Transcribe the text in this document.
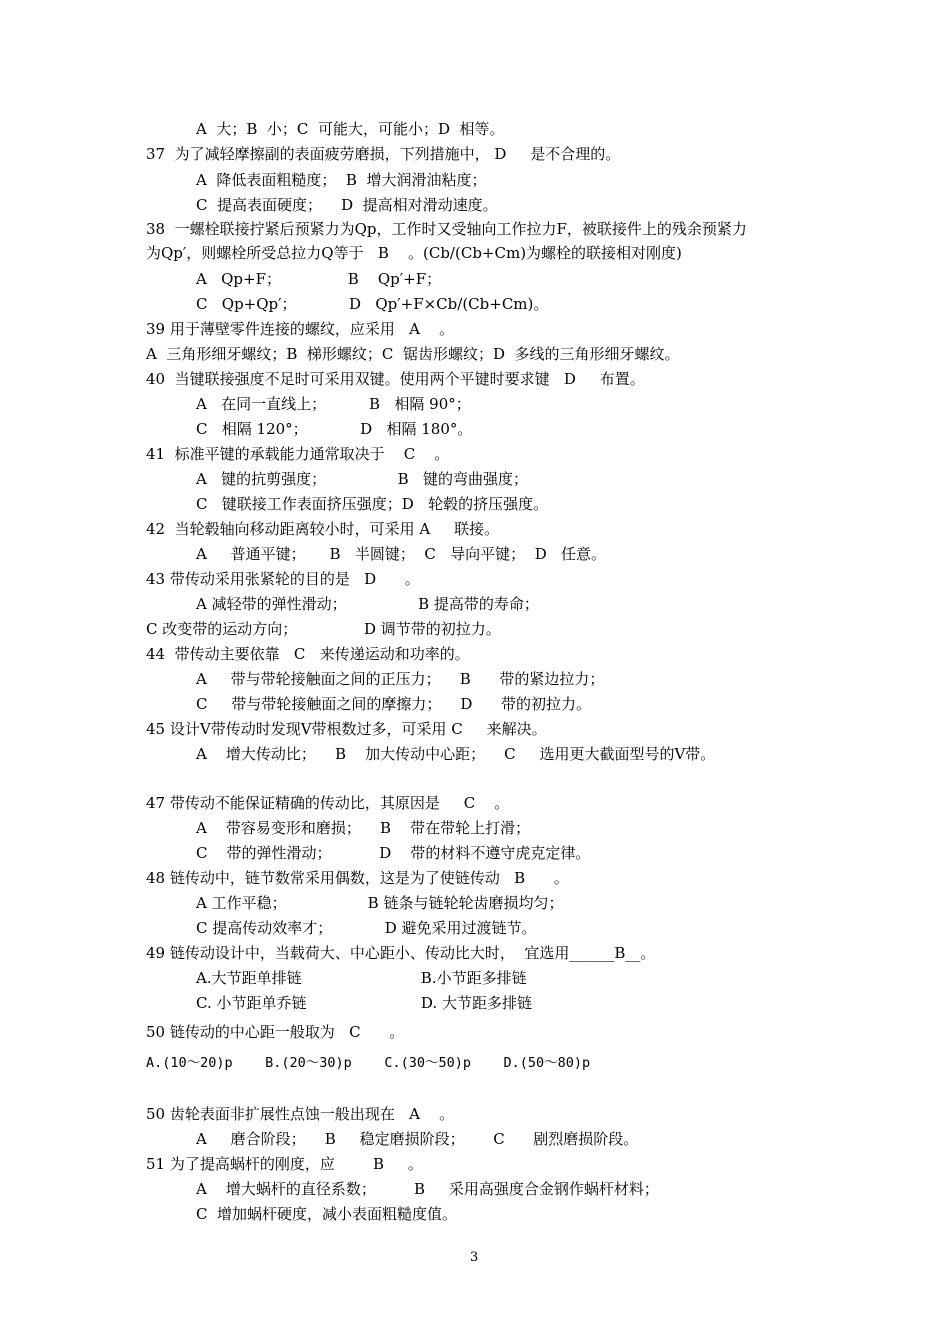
A  大；B  小；C  可能大，可能小；D  相等。
37  为了减轻摩擦副的表面疲劳磨损，下列措施中， D     是不合理的。
A  降低表面粗糙度；  B  增大润滑油粘度；
C  提高表面硬度；    D  提高相对滑动速度。
38  一螺栓联接拧紧后预紧力为Qp，工作时又受轴向工作拉力F，被联接件上的残余预紧力
为Qp′，则螺栓所受总拉力Q等于   B    。(Cb/(Cb+Cm)为螺栓的联接相对刚度)
A   Qp+F；              B    Qp′+F；
C   Qp+Qp′；           D   Qp′+F×Cb/(Cb+Cm)。
39 用于薄壁零件连接的螺纹，应采用   A    。
A  三角形细牙螺纹；B  梯形螺纹；C  锯齿形螺纹；D  多线的三角形细牙螺纹。
40  当键联接强度不足时可采用双键。使用两个平键时要求键   D     布置。
A   在同一直线上；         B   相隔 90°；
C   相隔 120°；           D   相隔 180°。
41  标准平键的承载能力通常取决于    C    。
A   键的抗剪强度；               B   键的弯曲强度；
C   键联接工作表面挤压强度；D   轮毂的挤压强度。
42  当轮毂轴向移动距离较小时，可采用 A     联接。
A     普通平键；     B   半圆键；  C   导向平键；  D   任意。
43 带传动采用张紧轮的目的是   D      。
A 减轻带的弹性滑动；               B 提高带的寿命；
C 改变带的运动方向；              D 调节带的初拉力。
44  带传动主要依靠   C   来传递运动和功率的。
A     带与带轮接触面之间的正压力；    B      带的紧边拉力；
C     带与带轮接触面之间的摩擦力；    D      带的初拉力。
45 设计V带传动时发现V带根数过多，可采用 C     来解决。
A    增大传动比；    B    加大传动中心距；    C     选用更大截面型号的V带。
47 带传动不能保证精确的传动比，其原因是     C    。
A    带容易变形和磨损；    B    带在带轮上打滑；
C    带的弹性滑动；          D    带的材料不遵守虎克定律。
48 链传动中，链节数常采用偶数，这是为了使链传动   B      。
A 工作平稳；                 B 链条与链轮轮齿磨损均匀；
C 提高传动效率才；           D 避免采用过渡链节。
49 链传动设计中，当载荷大、中心距小、传动比大时，  宜选用______B__。
A.大节距单排链                         B.小节距多排链
C. 小节距单乔链                        D. 大节距多排链
50 链传动的中心距一般取为   C      。
A.(10～20)p    B.(20～30)p    C.(30～50)p    D.(50～80)p
50 齿轮表面非扩展性点蚀一般出现在   A    。
A     磨合阶段；    B     稳定磨损阶段；      C      剧烈磨损阶段。
51 为了提高蜗杆的刚度，应        B     。
A    增大蜗杆的直径系数；        B     采用高强度合金钢作蜗杆材料；
C  增加蜗杆硬度，减小表面粗糙度值。
3
